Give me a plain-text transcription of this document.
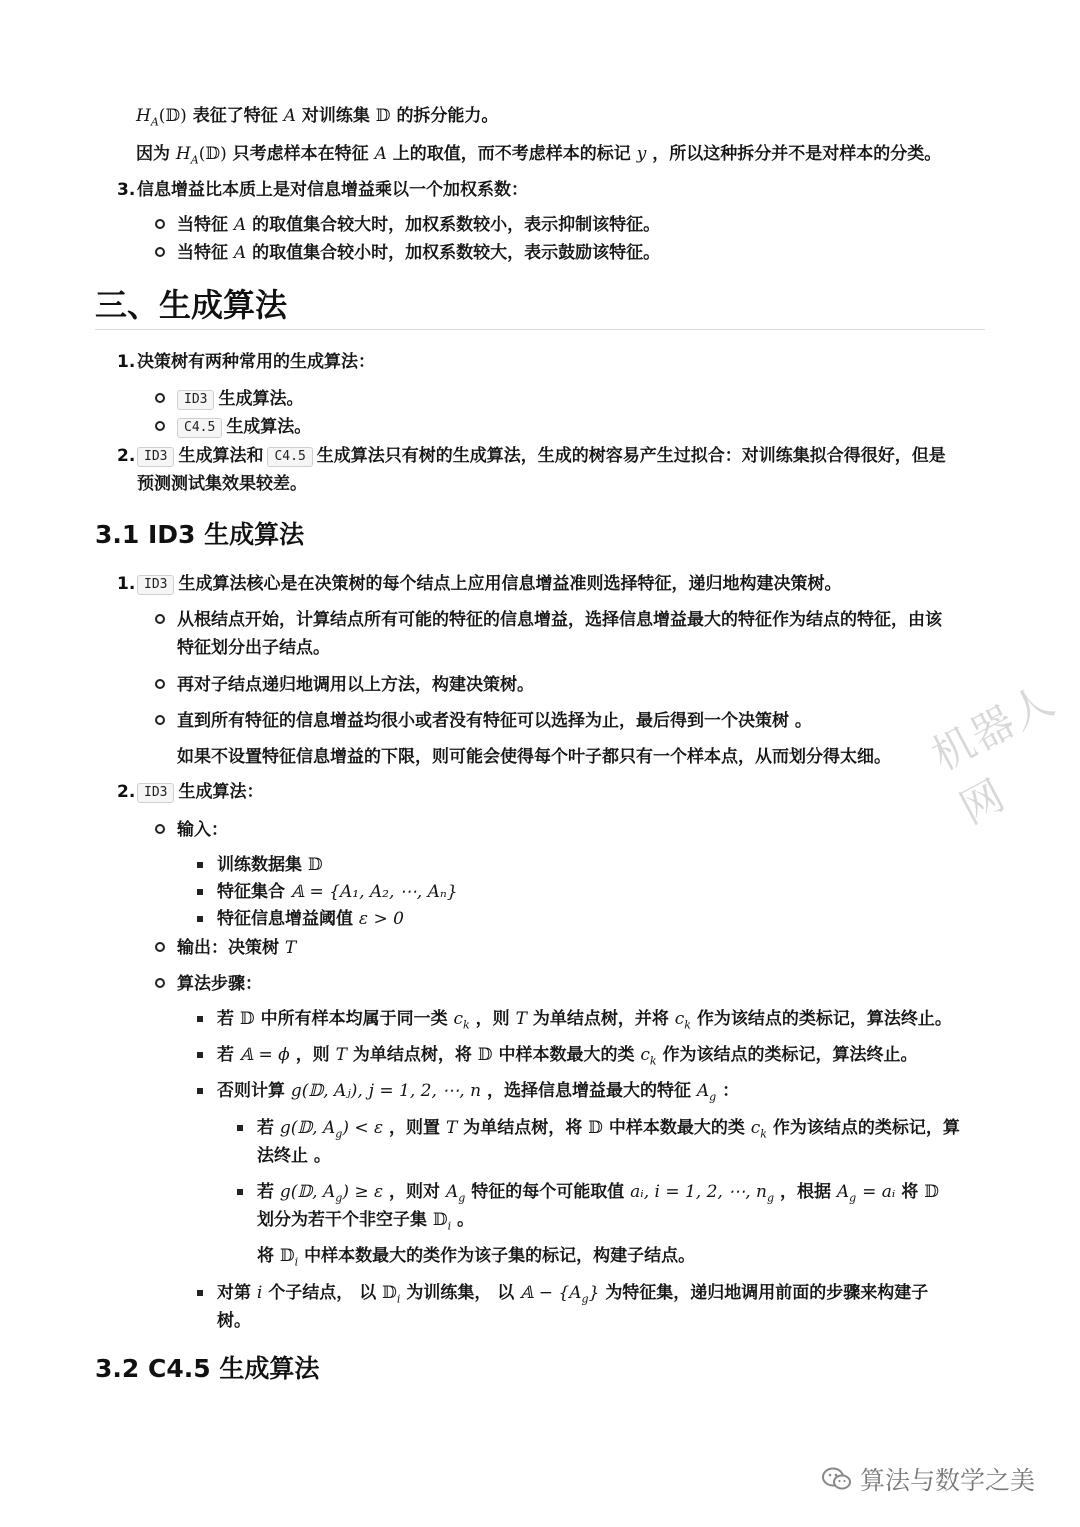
$H_A(𝔻)$ 表征了特征 A 对训练集 𝔻 的拆分能力。
因为 $H_A(𝔻)$ 只考虑样本在特征 A 上的取值，而不考虑样本的标记 y ，所以这种拆分并不是对样本的分类。
3. 信息增益比本质上是对信息增益乘以一个加权系数：
当特征 A 的取值集合较大时，加权系数较小，表示抑制该特征。
当特征 A 的取值集合较小时，加权系数较大，表示鼓励该特征。
三、生成算法
1. 决策树有两种常用的生成算法：
ID3 生成算法。
C4.5 生成算法。
2. ID3 生成算法和 C4.5 生成算法只有树的生成算法，生成的树容易产生过拟合：对训练集拟合得很好，但是
预测测试集效果较差。
3.1 ID3 生成算法
1. ID3 生成算法核心是在决策树的每个结点上应用信息增益准则选择特征，递归地构建决策树。
从根结点开始，计算结点所有可能的特征的信息增益，选择信息增益最大的特征作为结点的特征，由该
特征划分出子结点。
再对子结点递归地调用以上方法，构建决策树。
直到所有特征的信息增益均很小或者没有特征可以选择为止，最后得到一个决策树 。
如果不设置特征信息增益的下限，则可能会使得每个叶子都只有一个样本点，从而划分得太细。
2. ID3 生成算法：
输入：
训练数据集 𝔻
特征集合 𝔸 = {A₁, A₂, ⋯, Aₙ}
特征信息增益阈值 ε > 0
输出：决策树 T
算法步骤：
若 𝔻 中所有样本均属于同一类 $c_k$ ，则 T 为单结点树，并将 $c_k$ 作为该结点的类标记，算法终止。
若 𝔸 = ϕ ，则 T 为单结点树，将 𝔻 中样本数最大的类 $c_k$ 作为该结点的类标记，算法终止。
否则计算 g(𝔻, Aⱼ), j = 1, 2, ⋯, n ，选择信息增益最大的特征 $A_g$ ：
若 g(𝔻, $A_g) < \varepsilon$ ，则置 T 为单结点树，将 𝔻 中样本数最大的类 $c_k$ 作为该结点的类标记，算
法终止 。
若 g(𝔻, $A_g) \ge \varepsilon$ ，则对 $A_g$ 特征的每个可能取值 aᵢ, i = 1, 2, ⋯, $n_g$ ，根据 $A_g$ = aᵢ 将 𝔻
划分为若干个非空子集 𝔻$_i$ 。
将 𝔻$_i$ 中样本数最大的类作为该子集的标记，构建子结点。
对第 i 个子结点， 以 𝔻$_i$ 为训练集， 以 𝔸 − $\{A_g\}$ 为特征集，递归地调用前面的步骤来构建子
树。
3.2 C4.5 生成算法
机器人网
算法与数学之美
